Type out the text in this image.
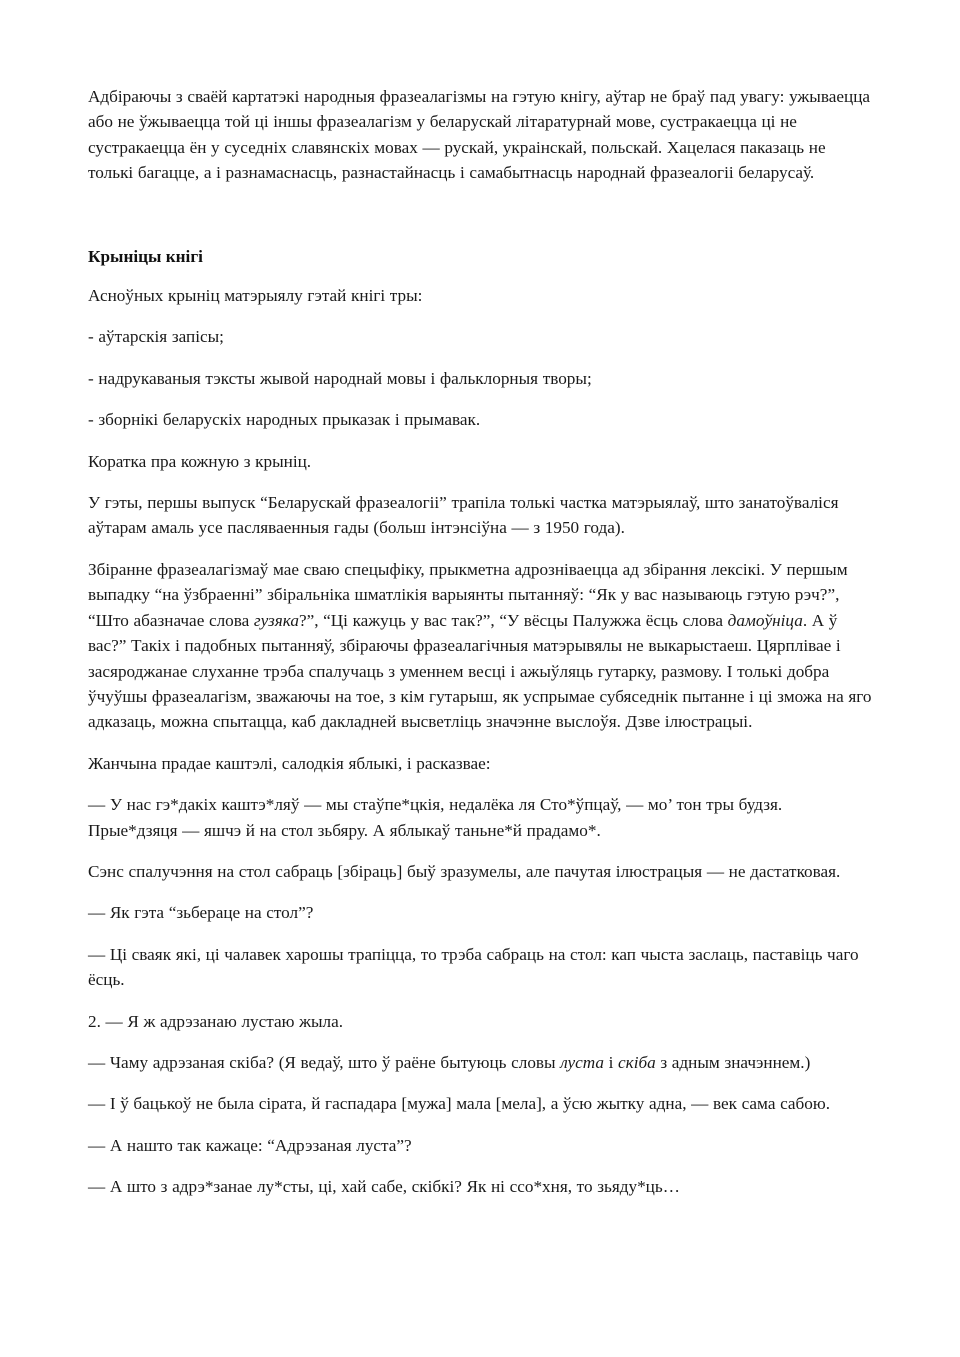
Адбіраючы з сваёй картатэкі народныя фразеалагізмы на гэтую кнігу, аўтар не браў пад увагу: ужываецца або не ўжываецца той ці іншы фразеалагізм у беларускай літаратурнай мове, сустракаецца ці не сустракаецца ён у суседніх славянскіх мовах — рускай, украінскай, польскай. Хацелася паказаць не толькі багацце, а і разнамаснасць, разнастайнасць і самабытнасць народнай фразеалогіі беларусаў.

Крыніцы кнігі

Асноўных крыніц матэрыялу гэтай кнігі тры:

- аўтарскія запісы;

- надрукаваныя тэксты жывой народнай мовы і фальклорныя творы;

- зборнікі беларускіх народных прыказак і прымавак.

Коратка пра кожную з крыніц.

У гэты, першы выпуск “Беларускай фразеалогіі” трапіла толькі частка матэрыялаў, што занатоўваліся аўтарам амаль усе пасляваенныя гады (больш інтэнсіўна — з 1950 года).

Збіранне фразеалагізмаў мае сваю спецыфіку, прыкметна адрозніваецца ад збірання лексікі. У першым выпадку “на ўзбраенні” збіральніка шматлікія варыянты пытанняў: “Як у вас называюць гэтую рэч?”, “Што абазначае слова гузяка?”, “Ці кажуць у вас так?”, “У вёсцы Палужжа ёсць слова дамоўніца. А ў вас?” Такіх і падобных пытанняў, збіраючы фразеалагічныя матэрывялы не выкарыстаеш. Цярплівае і засяроджанае слуханне трэба спалучаць з уменнем весці і ажыўляць гутарку, размову. І толькі добра ўчуўшы фразеалагізм, зважаючы на тое, з кім гутарыш, як успрымае субяседнік пытанне і ці зможа на яго адказаць, можна спытацца, каб дакладней высветліць значэнне выслоўя. Дзве ілюстрацыі.

Жанчына прадае каштэлі, салодкія яблыкі, і расказвае:

— У нас гэ*дакіх каштэ*ляў — мы стаўпе*цкія, недалёка ля Сто*ўпцаў, — мо’ тон тры будзя. Прые*дзяця — яшчэ й на стол зьбяру. А яблыкаў таньне*й прадамо*.

Сэнс спалучэння на стол сабраць [збіраць] быў зразумелы, але пачутая ілюстрацыя — не дастатковая.

— Як гэта “зьбераце на стол”?

— Ці сваяк які, ці чалавек харошы трапіцца, то трэба сабраць на стол: кап чыста заслаць, паставіць чаго ёсць.

2. — Я ж адрэзанаю лустаю жыла.

— Чаму адрэзаная скіба? (Я ведаў, што ў раёне бытуюць словы луста і скіба з адным значэннем.)

— І ў бацькоў не была сірата, й гаспадара [мужа] мала [мела], а ўсю жытку адна, — век сама сабою.

— А нашто так кажаце: “Адрэзаная луста”?

— А што з адрэ*занае лу*сты, ці, хай сабе, скібкі? Як ні ссо*хня, то зьяду*ць…
